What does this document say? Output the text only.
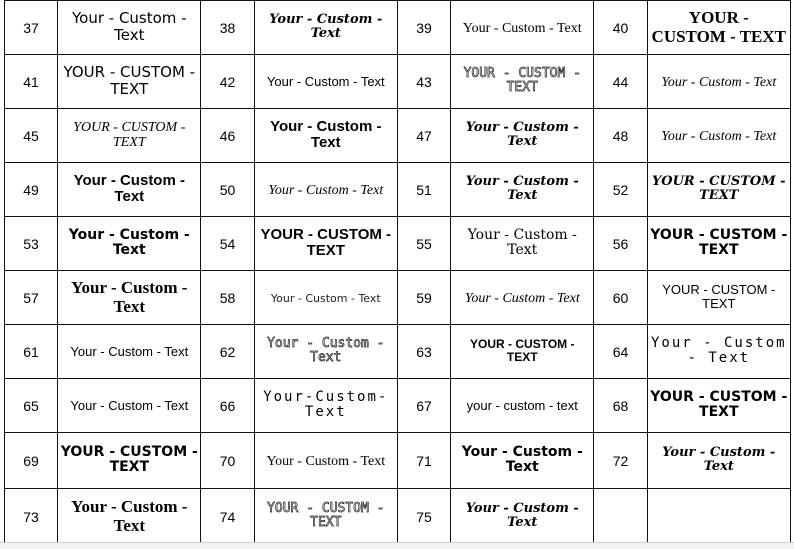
37	Your - Custom - Text	38	Your - Custom - Text	39	Your - Custom - Text	40	YOUR - CUSTOM - TEXT
41	YOUR - CUSTOM - TEXT	42	Your - Custom - Text	43	YOUR - CUSTOM - TEXT	44	Your - Custom - Text
45	YOUR - CUSTOM - TEXT	46	Your - Custom - Text	47	Your - Custom - Text	48	Your - Custom - Text
49	Your - Custom - Text	50	Your - Custom - Text	51	Your - Custom - Text	52	YOUR - CUSTOM - TEXT
53	Your - Custom - Text	54	YOUR - CUSTOM - TEXT	55	Your - Custom - Text	56	YOUR - CUSTOM - TEXT
57	Your - Custom - Text	58	Your - Custom - Text	59	Your - Custom - Text	60	YOUR - CUSTOM - TEXT
61	Your - Custom - Text	62	Your - Custom - Text	63	YOUR - CUSTOM - TEXT	64	Your - Custom - Text
65	Your - Custom - Text	66	Your-Custom-Text	67	your - custom - text	68	YOUR - CUSTOM - TEXT
69	YOUR - CUSTOM - TEXT	70	Your - Custom - Text	71	Your - Custom - Text	72	Your - Custom - Text
73	Your - Custom - Text	74	YOUR - CUSTOM - TEXT	75	Your - Custom - Text		
